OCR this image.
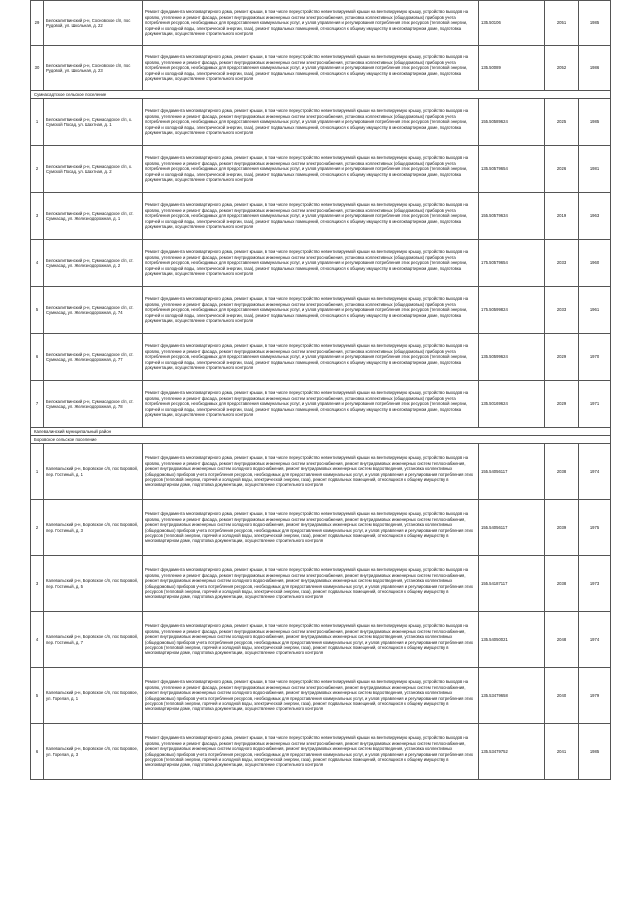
29	Белокалитвинский р-н, Сосновское с/п, пос Рудовой, ул. Школьная, д. 22	Ремонт фундамента многоквартирного дома, ремонт крыши, в том числе переустройство невентилируемой крыши на вентилируемую крышу, устройство выходов на кровлю, утепление и ремонт фасада, ремонт внутридомовых инженерных систем электроснабжения, установка коллективных (общедомовых) приборов учета потребления ресурсов, необходимых для предоставления коммунальных услуг, и узлов управления и регулирования потребления этих ресурсов (тепловой энергии, горячей и холодной воды, электрической энергии, газа), ремонт подвальных помещений, относящихся к общему имуществу в многоквартирном доме, подготовка документации, осуществление строительного контроля	135.50106	2051	1985
30	Белокалитвинский р-н, Сосновское с/п, пос Рудовой, ул. Школьная, д. 23	Ремонт фундамента многоквартирного дома, ремонт крыши, в том числе переустройство невентилируемой крыши на вентилируемую крышу, устройство выходов на кровлю, утепление и ремонт фасада, ремонт внутридомовых инженерных систем электроснабжения, установка коллективных (общедомовых) приборов учета потребления ресурсов, необходимых для предоставления коммунальных услуг, и узлов управления и регулирования потребления этих ресурсов (тепловой энергии, горячей и холодной воды, электрической энергии, газа), ремонт подвальных помещений, относящихся к общему имуществу в многоквартирном доме, подготовка документации, осуществление строительного контроля	135.50089	2052	1986
Сумнасадтское сельское поселение					
1	Белокалитвинский р-н, Сумнасадское с/п, х. Сумской Посад, ул. Шахтная, д. 1	Ремонт фундамента многоквартирного дома, ремонт крыши, в том числе переустройство невентилируемой крыши на вентилируемую крышу, устройство выходов на кровлю, утепление и ремонт фасада, ремонт внутридомовых инженерных систем электроснабжения, установка коллективных (общедомовых) приборов учета потребления ресурсов, необходимых для предоставления коммунальных услуг, и узлов управления и регулирования потребления этих ресурсов (тепловой энергии, горячей и холодной воды, электрической энергии, газа), ремонт подвальных помещений, относящихся к общему имуществу в многоквартирном доме, подготовка документации, осуществление строительного контроля	155.50589624	2025	1985
2	Белокалитвинский р-н, Сумнасадское с/п, х. Сумской Посад, ул. Шахтная, д. 2	Ремонт фундамента многоквартирного дома, ремонт крыши, в том числе переустройство невентилируемой крыши на вентилируемую крышу, устройство выходов на кровлю, утепление и ремонт фасада, ремонт внутридомовых инженерных систем электроснабжения, установка коллективных (общедомовых) приборов учета потребления ресурсов, необходимых для предоставления коммунальных услуг, и узлов управления и регулирования потребления этих ресурсов (тепловой энергии, горячей и холодной воды, электрической энергии, газа), ремонт подвальных помещений, относящихся к общему имуществу в многоквартирном доме, подготовка документации, осуществление строительного контроля	135.50579654	2026	1981
3	Белокалитвинский р-н, Сумнасадское с/п, ст. Сумнасад, ул. Железнодорожная, д. 1	Ремонт фундамента многоквартирного дома, ремонт крыши, в том числе переустройство невентилируемой крыши на вентилируемую крышу, устройство выходов на кровлю, утепление и ремонт фасада, ремонт внутридомовых инженерных систем электроснабжения, установка коллективных (общедомовых) приборов учета потребления ресурсов, необходимых для предоставления коммунальных услуг, и узлов управления и регулирования потребления этих ресурсов (тепловой энергии, горячей и холодной воды, электрической энергии, газа), ремонт подвальных помещений, относящихся к общему имуществу в многоквартирном доме, подготовка документации, осуществление строительного контроля	155.50579634	2019	1963
4	Белокалитвинский р-н, Сумнасадское с/п, ст. Сумнасад, ул. Железнодорожная, д. 2	Ремонт фундамента многоквартирного дома, ремонт крыши, в том числе переустройство невентилируемой крыши на вентилируемую крышу, устройство выходов на кровлю, утепление и ремонт фасада, ремонт внутридомовых инженерных систем электроснабжения, установка коллективных (общедомовых) приборов учета потребления ресурсов, необходимых для предоставления коммунальных услуг, и узлов управления и регулирования потребления этих ресурсов (тепловой энергии, горячей и холодной воды, электрической энергии, газа), ремонт подвальных помещений, относящихся к общему имуществу в многоквартирном доме, подготовка документации, осуществление строительного контроля	175.50579654	2033	1960
5	Белокалитвинский р-н, Сумнасадское с/п, ст. Сумнасад, ул. Железнодорожная, д. 74	Ремонт фундамента многоквартирного дома, ремонт крыши, в том числе переустройство невентилируемой крыши на вентилируемую крышу, устройство выходов на кровлю, утепление и ремонт фасада, ремонт внутридомовых инженерных систем электроснабжения, установка коллективных (общедомовых) приборов учета потребления ресурсов, необходимых для предоставления коммунальных услуг, и узлов управления и регулирования потребления этих ресурсов (тепловой энергии, горячей и холодной воды, электрической энергии, газа), ремонт подвальных помещений, относящихся к общему имуществу в многоквартирном доме, подготовка документации, осуществление строительного контроля	175.50599824	2033	1961
6	Белокалитвинский р-н, Сумнасадское с/п, ст. Сумнасад, ул. Железнодорожная, д. 77	Ремонт фундамента многоквартирного дома, ремонт крыши, в том числе переустройство невентилируемой крыши на вентилируемую крышу, устройство выходов на кровлю, утепление и ремонт фасада, ремонт внутридомовых инженерных систем электроснабжения, установка коллективных (общедомовых) приборов учета потребления ресурсов, необходимых для предоставления коммунальных услуг, и узлов управления и регулирования потребления этих ресурсов (тепловой энергии, горячей и холодной воды, электрической энергии, газа), ремонт подвальных помещений, относящихся к общему имуществу в многоквартирном доме, подготовка документации, осуществление строительного контроля	135.50599624	2029	1970
7	Белокалитвинский р-н, Сумнасадское с/п, ст. Сумнасад, ул. Железнодорожная, д. 78	Ремонт фундамента многоквартирного дома, ремонт крыши, в том числе переустройство невентилируемой крыши на вентилируемую крышу, устройство выходов на кровлю, утепление и ремонт фасада, ремонт внутридомовых инженерных систем электроснабжения, установка коллективных (общедомовых) приборов учета потребления ресурсов, необходимых для предоставления коммунальных услуг, и узлов управления и регулирования потребления этих ресурсов (тепловой энергии, горячей и холодной воды, электрической энергии, газа), ремонт подвальных помещений, относящихся к общему имуществу в многоквартирном доме, подготовка документации, осуществление строительного контроля	135.50169624	2029	1971
Калевалинский муниципальный район					
Боровское сельское поселение					
1	Калевальский р-н, Боровское с/п, пос Боровой, пер. Гостиный, д. 1	Ремонт фундамента многоквартирного дома, ремонт крыши, в том числе переустройство невентилируемой крыши на вентилируемую крышу, устройство выходов на кровлю, утепление и ремонт фасада, ремонт внутридомовых инженерных систем электроснабжения, ремонт внутридомовых инженерных систем теплоснабжения, ремонт внутридомовых инженерных систем холодного водоснабжения, ремонт внутридомовых инженерных систем водоотведения, установка коллективных (общедомовых) приборов учета потребления ресурсов, необходимых для предоставления коммунальных услуг, и узлов управления и регулирования потребления этих ресурсов (тепловой энергии, горячей и холодной воды, электрической энергии, газа), ремонт подвальных помещений, относящихся к общему имуществу в многоквартирном доме, подготовка документации, осуществление строительного контроля	155.54056117	2038	1974
2	Калевальский р-н, Боровское с/п, пос Боровой, пер. Гостиный, д. 3	Ремонт фундамента многоквартирного дома, ремонт крыши, в том числе переустройство невентилируемой крыши на вентилируемую крышу, устройство выходов на кровлю, утепление и ремонт фасада, ремонт внутридомовых инженерных систем электроснабжения, ремонт внутридомовых инженерных систем теплоснабжения, ремонт внутридомовых инженерных систем холодного водоснабжения, ремонт внутридомовых инженерных систем водоотведения, установка коллективных (общедомовых) приборов учета потребления ресурсов, необходимых для предоставления коммунальных услуг, и узлов управления и регулирования потребления этих ресурсов (тепловой энергии, горячей и холодной воды, электрической энергии, газа), ремонт подвальных помещений, относящихся к общему имуществу в многоквартирном доме, подготовка документации, осуществление строительного контроля	155.54056117	2039	1975
3	Калевальский р-н, Боровское с/п, пос Боровой, пер. Гостиный, д. 5	Ремонт фундамента многоквартирного дома, ремонт крыши, в том числе переустройство невентилируемой крыши на вентилируемую крышу, устройство выходов на кровлю, утепление и ремонт фасада, ремонт внутридомовых инженерных систем электроснабжения, ремонт внутридомовых инженерных систем теплоснабжения, ремонт внутридомовых инженерных систем холодного водоснабжения, ремонт внутридомовых инженерных систем водоотведения, установка коллективных (общедомовых) приборов учета потребления ресурсов, необходимых для предоставления коммунальных услуг, и узлов управления и регулирования потребления этих ресурсов (тепловой энергии, горячей и холодной воды, электрической энергии, газа), ремонт подвальных помещений, относящихся к общему имуществу в многоквартирном доме, подготовка документации, осуществление строительного контроля	155.54187117	2038	1973
4	Калевальский р-н, Боровское с/п, пос Боровой, пер. Гостиный, д. 7	Ремонт фундамента многоквартирного дома, ремонт крыши, в том числе переустройство невентилируемой крыши на вентилируемую крышу, устройство выходов на кровлю, утепление и ремонт фасада, ремонт внутридомовых инженерных систем электроснабжения, ремонт внутридомовых инженерных систем теплоснабжения, ремонт внутридомовых инженерных систем холодного водоснабжения, ремонт внутридомовых инженерных систем водоотведения, установка коллективных (общедомовых) приборов учета потребления ресурсов, необходимых для предоставления коммунальных услуг, и узлов управления и регулирования потребления этих ресурсов (тепловой энергии, горячей и холодной воды, электрической энергии, газа), ремонт подвальных помещений, относящихся к общему имуществу в многоквартирном доме, подготовка документации, осуществление строительного контроля	135.54050021	2048	1974
5	Калевальский р-н, Боровское с/п, пос Боровое, ул. Горелая, д. 1	Ремонт фундамента многоквартирного дома, ремонт крыши, в том числе переустройство невентилируемой крыши на вентилируемую крышу, устройство выходов на кровлю, утепление и ремонт фасада, ремонт внутридомовых инженерных систем электроснабжения, ремонт внутридомовых инженерных систем теплоснабжения, ремонт внутридомовых инженерных систем холодного водоснабжения, ремонт внутридомовых инженерных систем водоотведения, установка коллективных (общедомовых) приборов учета потребления ресурсов, необходимых для предоставления коммунальных услуг, и узлов управления и регулирования потребления этих ресурсов (тепловой энергии, горячей и холодной воды, электрической энергии, газа), ремонт подвальных помещений, относящихся к общему имуществу в многоквартирном доме, подготовка документации, осуществление строительного контроля	135.53479658	2040	1979
6	Калевальский р-н, Боровское с/п, пос Боровое, ул. Горелая, д. 3	Ремонт фундамента многоквартирного дома, ремонт крыши, в том числе переустройство невентилируемой крыши на вентилируемую крышу, устройство выходов на кровлю, утепление и ремонт фасада, ремонт внутридомовых инженерных систем электроснабжения, ремонт внутридомовых инженерных систем теплоснабжения, ремонт внутридомовых инженерных систем холодного водоснабжения, ремонт внутридомовых инженерных систем водоотведения, установка коллективных (общедомовых) приборов учета потребления ресурсов, необходимых для предоставления коммунальных услуг, и узлов управления и регулирования потребления этих ресурсов (тепловой энергии, горячей и холодной воды, электрической энергии, газа), ремонт подвальных помещений, относящихся к общему имуществу в многоквартирном доме, подготовка документации, осуществление строительного контроля	135.53479752	2041	1985
